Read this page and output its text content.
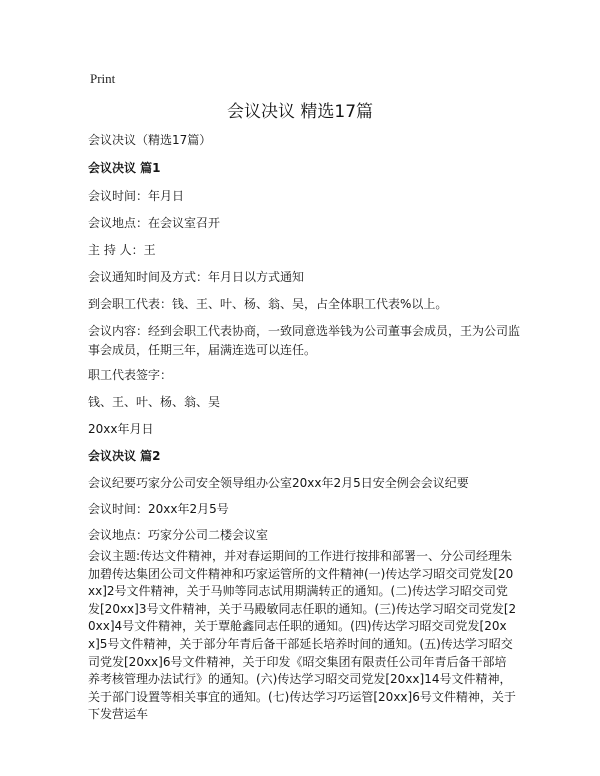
Print
会议决议 精选17篇
会议决议（精选17篇）
会议决议 篇1
会议时间：年月日
会议地点：在会议室召开
主 持 人：王
会议通知时间及方式：年月日以方式通知
到会职工代表：钱、王、叶、杨、翁、吴，占全体职工代表%以上。
会议内容：经到会职工代表协商，一致同意选举钱为公司董事会成员，王为公司监
事会成员，任期三年，届满连选可以连任。
职工代表签字：
钱、王、叶、杨、翁、吴
20xx年月日
会议决议 篇2
会议纪要巧家分公司安全领导组办公室20xx年2月5日安全例会会议纪要
会议时间：20xx年2月5号
会议地点：巧家分公司二楼会议室
会议主题:传达文件精神，并对春运期间的工作进行按排和部署一、分公司经理朱加碧传达集团公司文件精神和巧家运管所的文件精神(一)传达学习昭交司党发[20xx]2号文件精神，关于马帅等同志试用期满转正的通知。(二)传达学习昭交司党发[20xx]3号文件精神，关于马殿敏同志任职的通知。(三)传达学习昭交司党发[20xx]4号文件精神，关于覃舱鑫同志任职的通知。(四)传达学习昭交司党发[20xx]5号文件精神，关于部分年青后备干部延长培养时间的通知。(五)传达学习昭交司党发[20xx]6号文件精神，关于印发《昭交集团有限责任公司年青后备干部培养考核管理办法试行》的通知。(六)传达学习昭交司党发[20xx]14号文件精神，关于部门设置等相关事宜的通知。(七)传达学习巧运管[20xx]6号文件精神，关于下发营运车
